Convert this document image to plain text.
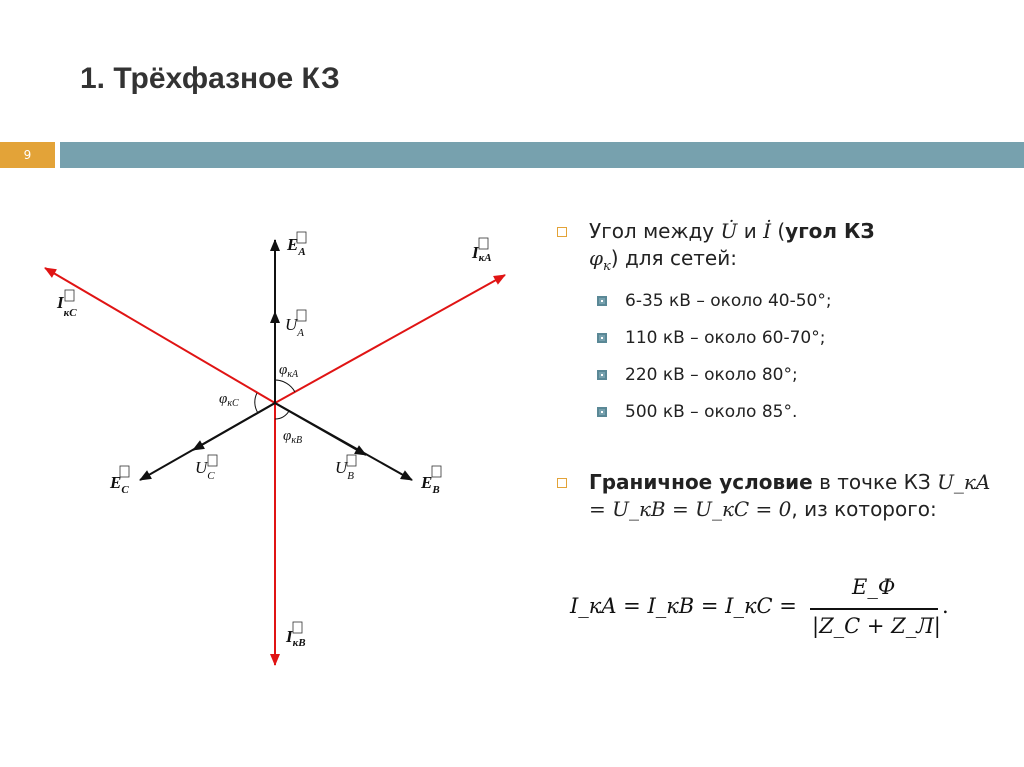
1. Трёхфазное КЗ
9
$E_A$
$U_A$
IкA
$I_{кC}$
$\varphi_{кA}$
$\varphi_{кC}$
$\varphi_{кB}$
$U_C$	$U_B$
$E_C$	$E_B$
$I_{кB}$
Угол между U̇ и İ (угол КЗ
$\varphi_к$) для сетей:
6-35 кВ – около 40-50°;
110 кВ – около 60-70°;
220 кВ – около 80°;
500 кВ – около 85°.
Граничное условие в точке КЗ U_кA = U_кB = U_кC = 0, из которого:
I_кA = I_кB = I_кC =
E_Ф
|Z_C + Z_Л|
.
